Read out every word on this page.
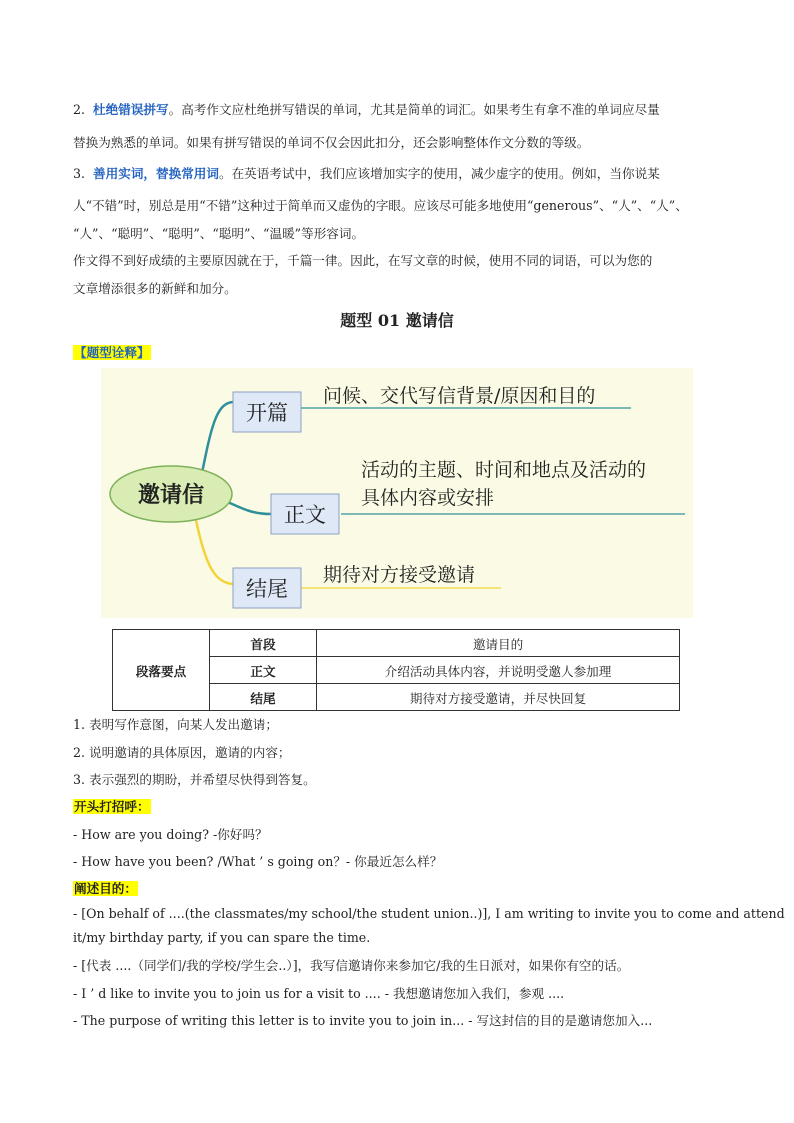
2. 杜绝错误拼写。高考作文应杜绝拼写错误的单词，尤其是简单的词汇。如果考生有拿不准的单词应尽量
替换为熟悉的单词。如果有拼写错误的单词不仅会因此扣分，还会影响整体作文分数的等级。
3. 善用实词，替换常用词。在英语考试中，我们应该增加实字的使用，减少虚字的使用。例如，当你说某
人“不错”时，别总是用“不错”这种过于简单而又虚伪的字眼。应该尽可能多地使用“generous”、“人”、“人”、
“人”、“聪明”、“聪明”、“聪明”、“温暖”等形容词。
作文得不到好成绩的主要原因就在于，千篇一律。因此，在写文章的时候，使用不同的词语，可以为您的
文章增添很多的新鲜和加分。
题型 01 邀请信
【题型诠释】
邀请信
开篇
正文
结尾
问候、交代写信背景/原因和目的
活动的主题、时间和地点及活动的
具体内容或安排
期待对方接受邀请
段落要点	首段	邀请目的
	正文	介绍活动具体内容，并说明受邀人参加理
	结尾	期待对方接受邀请，并尽快回复
1. 表明写作意图，向某人发出邀请；
2. 说明邀请的具体原因，邀请的内容；
3. 表示强烈的期盼，并希望尽快得到答复。
开头打招呼：
- How are you doing? -你好吗？
- How have you been? /What ’ s going on？- 你最近怎么样？
阐述目的：
- [On behalf of ....(the classmates/my school/the student union..)], I am writing to invite you to come and attend
it/my birthday party, if you can spare the time.
- [代表 ....（同学们/我的学校/学生会..）]，我写信邀请你来参加它/我的生日派对，如果你有空的话。
- I ’ d like to invite you to join us for a visit to .... - 我想邀请您加入我们，参观 ....
- The purpose of writing this letter is to invite you to join in... - 写这封信的目的是邀请您加入...
